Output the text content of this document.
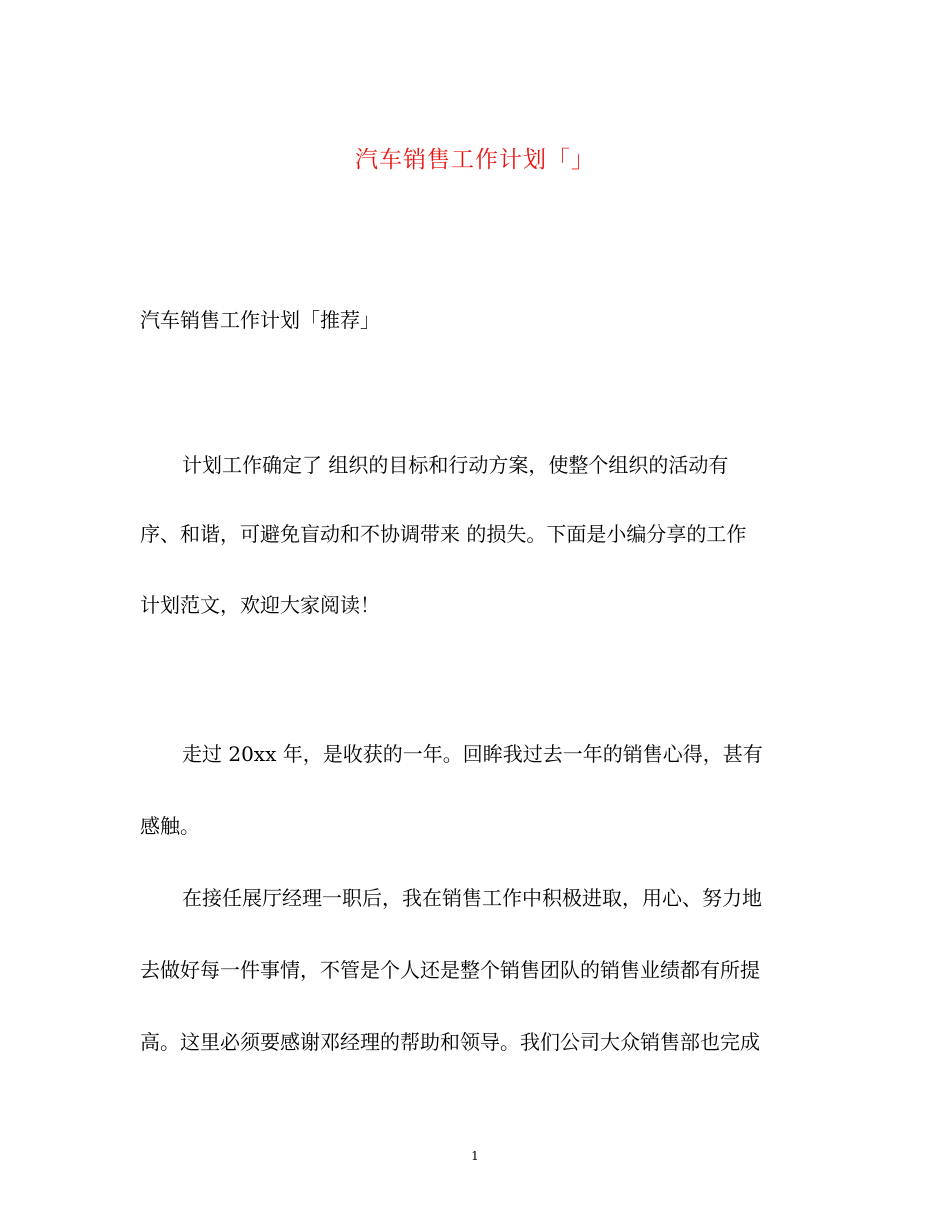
汽车销售工作计划「」
汽车销售工作计划「推荐」
计划工作确定了 组织的目标和行动方案，使整个组织的活动有
序、和谐，可避免盲动和不协调带来 的损失。下面是小编分享的工作
计划范文，欢迎大家阅读！
走过 20xx 年，是收获的一年。回眸我过去一年的销售心得，甚有
感触。
在接任展厅经理一职后，我在销售工作中积极进取，用心、努力地
去做好每一件事情，不管是个人还是整个销售团队的销售业绩都有所提
高。这里必须要感谢邓经理的帮助和领导。我们公司大众销售部也完成
1
